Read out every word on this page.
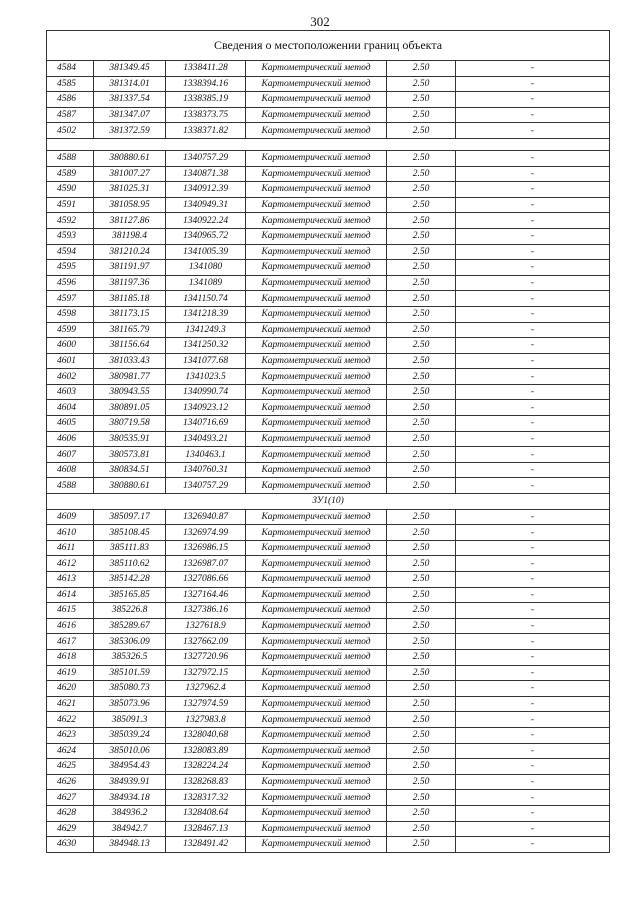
302
Сведения о местоположении границ объекта					
4584	381349.45	1338411.28	Картометрический метод	2.50	-
4585	381314.01	1338394.16	Картометрический метод	2.50	-
4586	381337.54	1338385.19	Картометрический метод	2.50	-
4587	381347.07	1338373.75	Картометрический метод	2.50	-
4502	381372.59	1338371.82	Картометрический метод	2.50	-

4588	380880.61	1340757.29	Картометрический метод	2.50	-
4589	381007.27	1340871.38	Картометрический метод	2.50	-
4590	381025.31	1340912.39	Картометрический метод	2.50	-
4591	381058.95	1340949.31	Картометрический метод	2.50	-
4592	381127.86	1340922.24	Картометрический метод	2.50	-
4593	381198.4	1340965.72	Картометрический метод	2.50	-
4594	381210.24	1341005.39	Картометрический метод	2.50	-
4595	381191.97	1341080	Картометрический метод	2.50	-
4596	381197.36	1341089	Картометрический метод	2.50	-
4597	381185.18	1341150.74	Картометрический метод	2.50	-
4598	381173.15	1341218.39	Картометрический метод	2.50	-
4599	381165.79	1341249.3	Картометрический метод	2.50	-
4600	381156.64	1341250.32	Картометрический метод	2.50	-
4601	381033.43	1341077.68	Картометрический метод	2.50	-
4602	380981.77	1341023.5	Картометрический метод	2.50	-
4603	380943.55	1340990.74	Картометрический метод	2.50	-
4604	380891.05	1340923.12	Картометрический метод	2.50	-
4605	380719.58	1340716.69	Картометрический метод	2.50	-
4606	380535.91	1340493.21	Картометрический метод	2.50	-
4607	380573.81	1340463.1	Картометрический метод	2.50	-
4608	380834.51	1340760.31	Картометрический метод	2.50	-
4588	380880.61	1340757.29	Картометрический метод	2.50	-
ЗУ1(10)					
4609	385097.17	1326940.87	Картометрический метод	2.50	-
4610	385108.45	1326974.99	Картометрический метод	2.50	-
4611	385111.83	1326986.15	Картометрический метод	2.50	-
4612	385110.62	1326987.07	Картометрический метод	2.50	-
4613	385142.28	1327086.66	Картометрический метод	2.50	-
4614	385165.85	1327164.46	Картометрический метод	2.50	-
4615	385226.8	1327386.16	Картометрический метод	2.50	-
4616	385289.67	1327618.9	Картометрический метод	2.50	-
4617	385306.09	1327662.09	Картометрический метод	2.50	-
4618	385326.5	1327720.96	Картометрический метод	2.50	-
4619	385101.59	1327972.15	Картометрический метод	2.50	-
4620	385080.73	1327962.4	Картометрический метод	2.50	-
4621	385073.96	1327974.59	Картометрический метод	2.50	-
4622	385091.3	1327983.8	Картометрический метод	2.50	-
4623	385039.24	1328040.68	Картометрический метод	2.50	-
4624	385010.06	1328083.89	Картометрический метод	2.50	-
4625	384954.43	1328224.24	Картометрический метод	2.50	-
4626	384939.91	1328268.83	Картометрический метод	2.50	-
4627	384934.18	1328317.32	Картометрический метод	2.50	-
4628	384936.2	1328408.64	Картометрический метод	2.50	-
4629	384942.7	1328467.13	Картометрический метод	2.50	-
4630	384948.13	1328491.42	Картометрический метод	2.50	-
